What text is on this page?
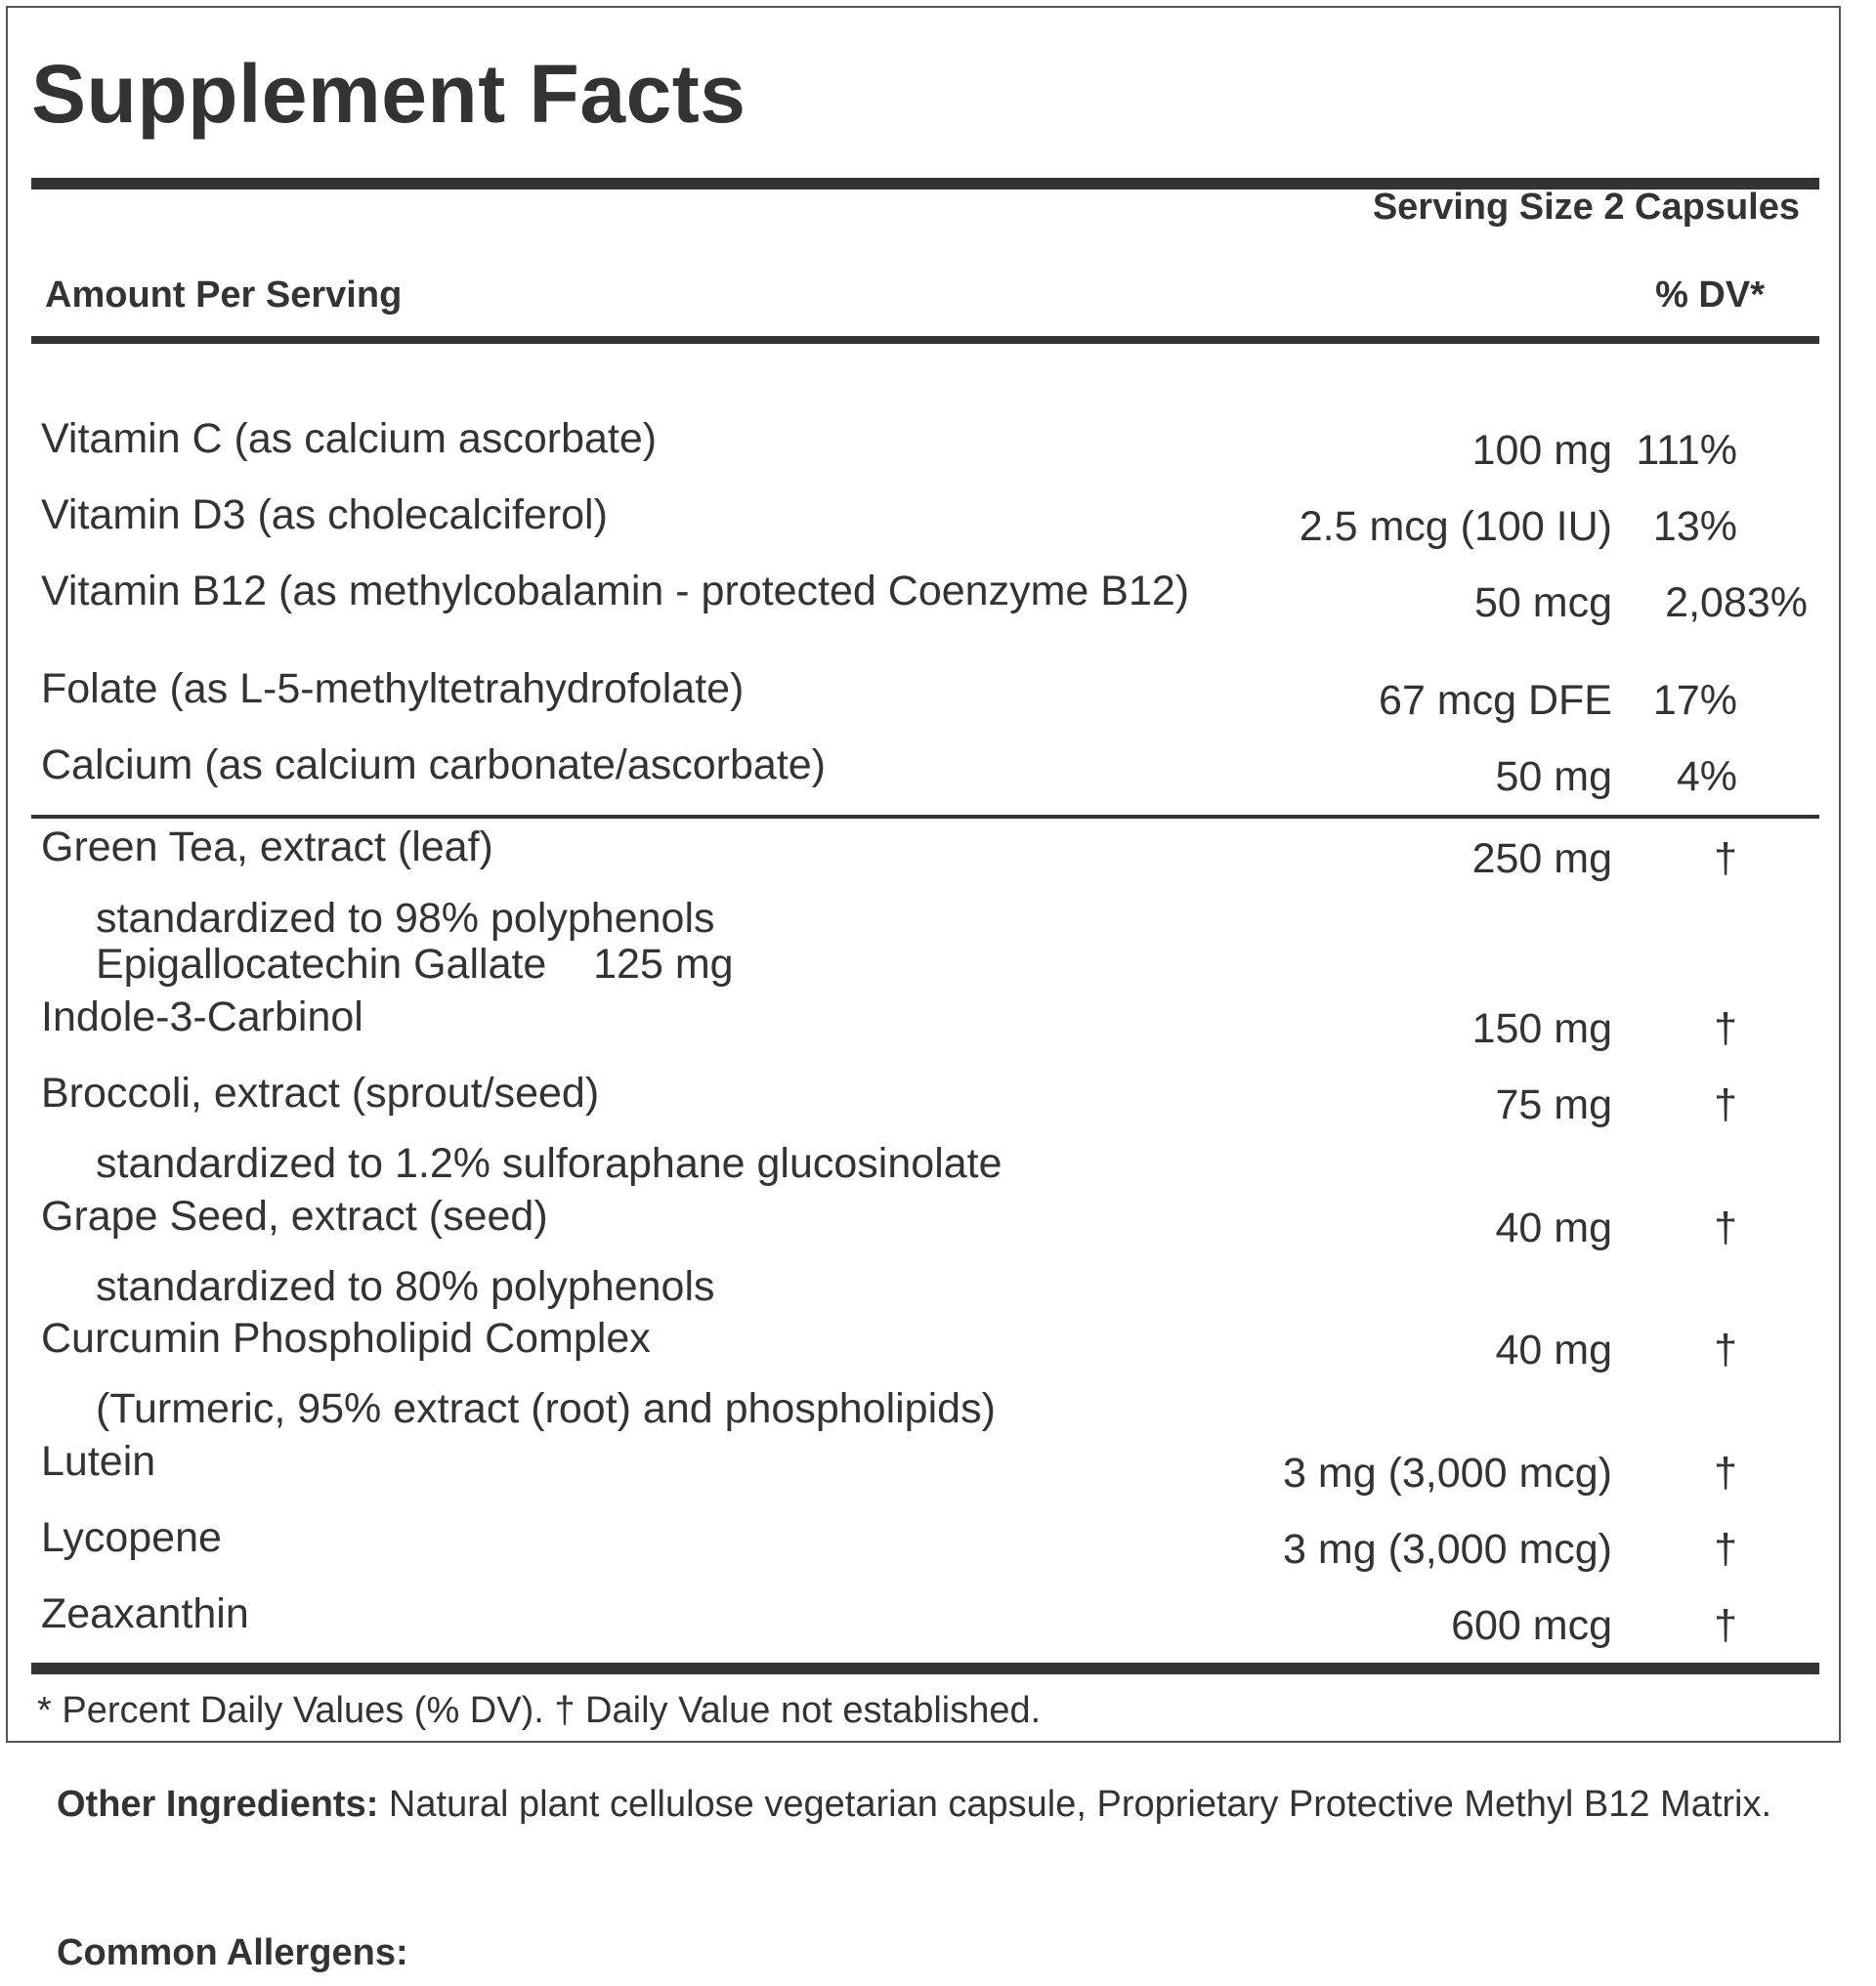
Supplement Facts
Serving Size 2 Capsules
Amount Per Serving	% DV*
Vitamin C (as calcium ascorbate)	100 mg 111%
Vitamin D3 (as cholecalciferol)	2.5 mcg (100 IU) 13%
Vitamin B12 (as methylcobalamin - protected Coenzyme B12)	50 mcg 2,083%
Folate (as L-5-methyltetrahydrofolate)	67 mcg DFE 17%
Calcium (as calcium carbonate/ascorbate)	50 mg 4%
Green Tea, extract (leaf)	250 mg †
standardized to 98% polyphenols
Epigallocatechin Gallate    125 mg
Indole-3-Carbinol	150 mg †
Broccoli, extract (sprout/seed)	75 mg †
standardized to 1.2% sulforaphane glucosinolate
Grape Seed, extract (seed)	40 mg †
standardized to 80% polyphenols
Curcumin Phospholipid Complex	40 mg †
(Turmeric, 95% extract (root) and phospholipids)
Lutein	3 mg (3,000 mcg) †
Lycopene	3 mg (3,000 mcg) †
Zeaxanthin	600 mcg †
* Percent Daily Values (% DV). † Daily Value not established.
Other Ingredients: Natural plant cellulose vegetarian capsule, Proprietary Protective Methyl B12 Matrix.
Common Allergens:
